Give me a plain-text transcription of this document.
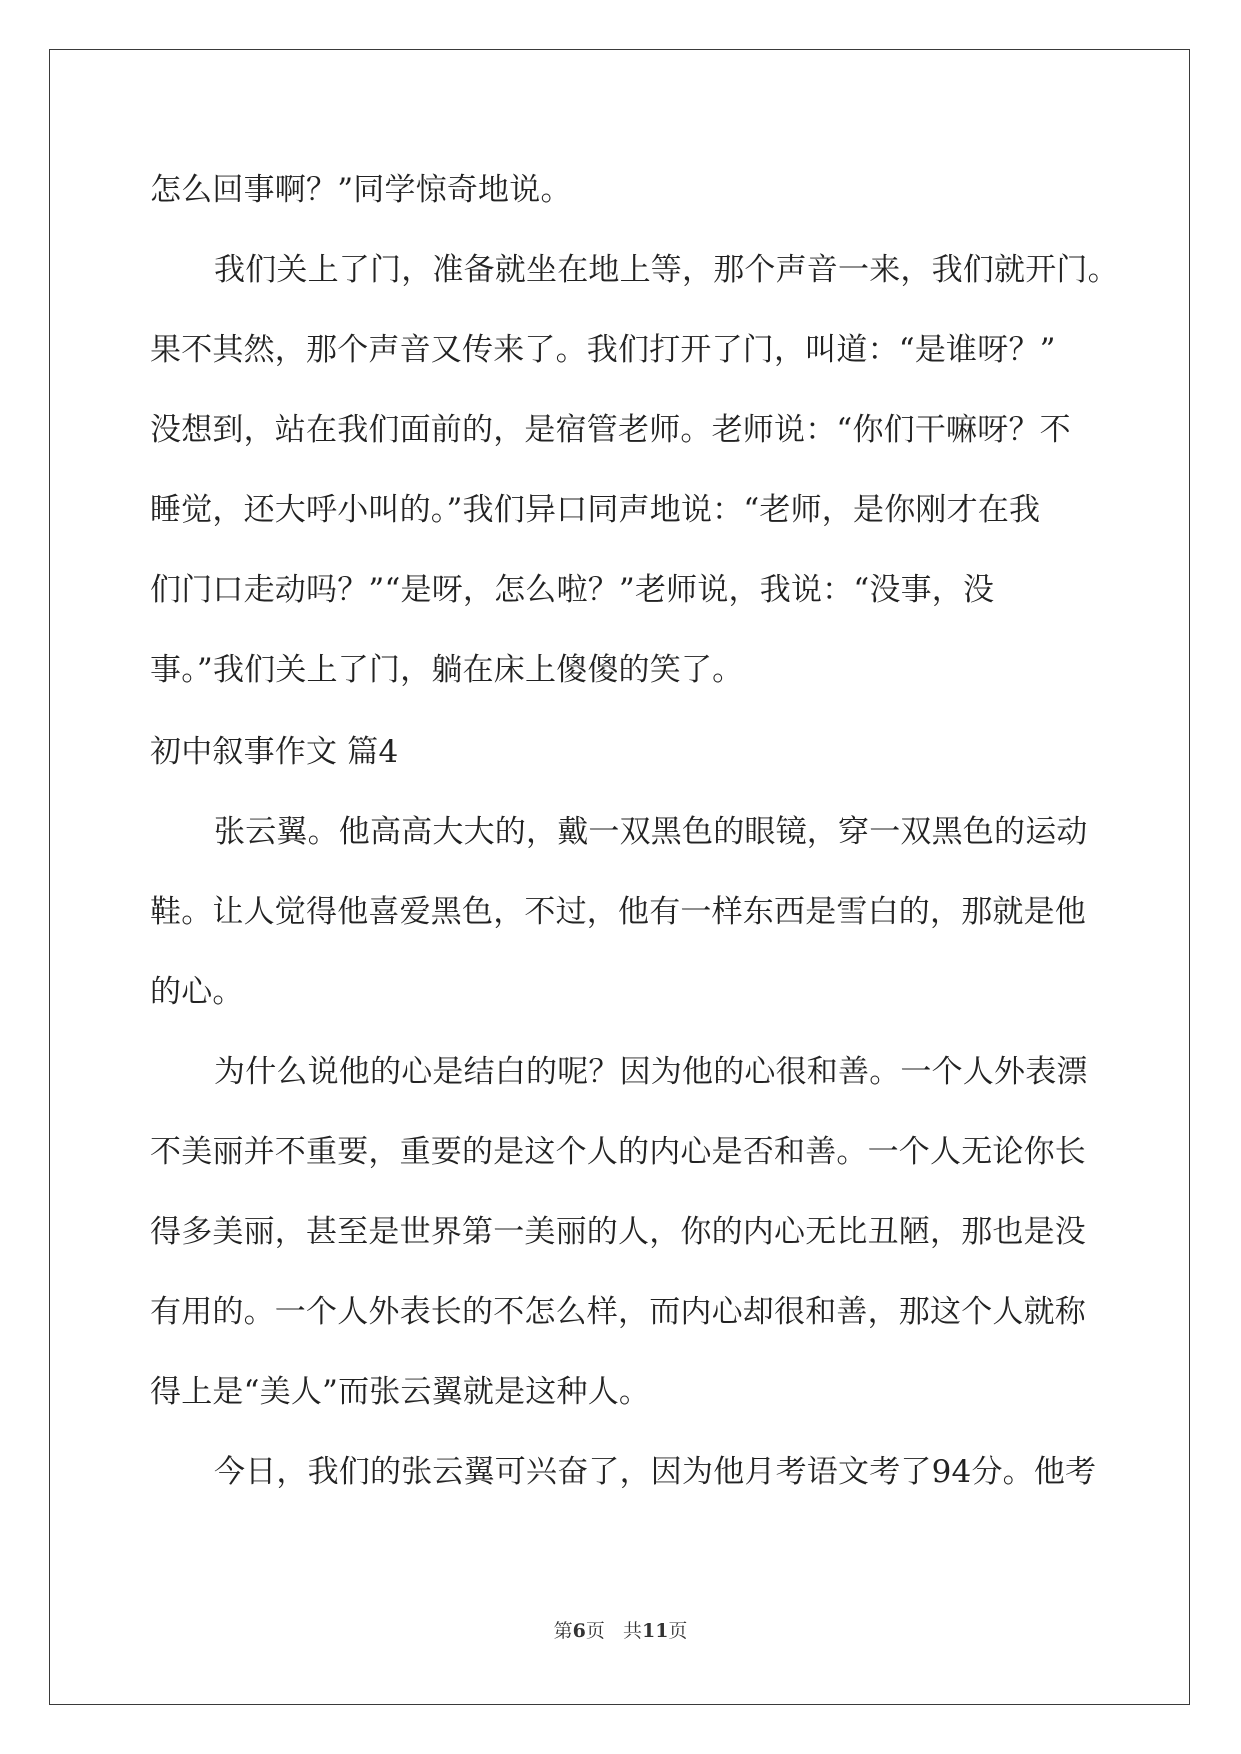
怎么回事啊？”同学惊奇地说。

我们关上了门，准备就坐在地上等，那个声音一来，我们就开门。

果不其然，那个声音又传来了。我们打开了门，叫道：“是谁呀？”

没想到，站在我们面前的，是宿管老师。老师说：“你们干嘛呀？不

睡觉，还大呼小叫的。”我们异口同声地说：“老师，是你刚才在我

们门口走动吗？”“是呀，怎么啦？”老师说，我说：“没事，没

事。”我们关上了门，躺在床上傻傻的笑了。

初中叙事作文 篇4

张云翼。他高高大大的，戴一双黑色的眼镜，穿一双黑色的运动

鞋。让人觉得他喜爱黑色，不过，他有一样东西是雪白的，那就是他

的心。

为什么说他的心是结白的呢？因为他的心很和善。一个人外表漂

不美丽并不重要，重要的是这个人的内心是否和善。一个人无论你长

得多美丽，甚至是世界第一美丽的人，你的内心无比丑陋，那也是没

有用的。一个人外表长的不怎么样，而内心却很和善，那这个人就称

得上是“美人”而张云翼就是这种人。

今日，我们的张云翼可兴奋了，因为他月考语文考了94分。他考

第6页 共11页
